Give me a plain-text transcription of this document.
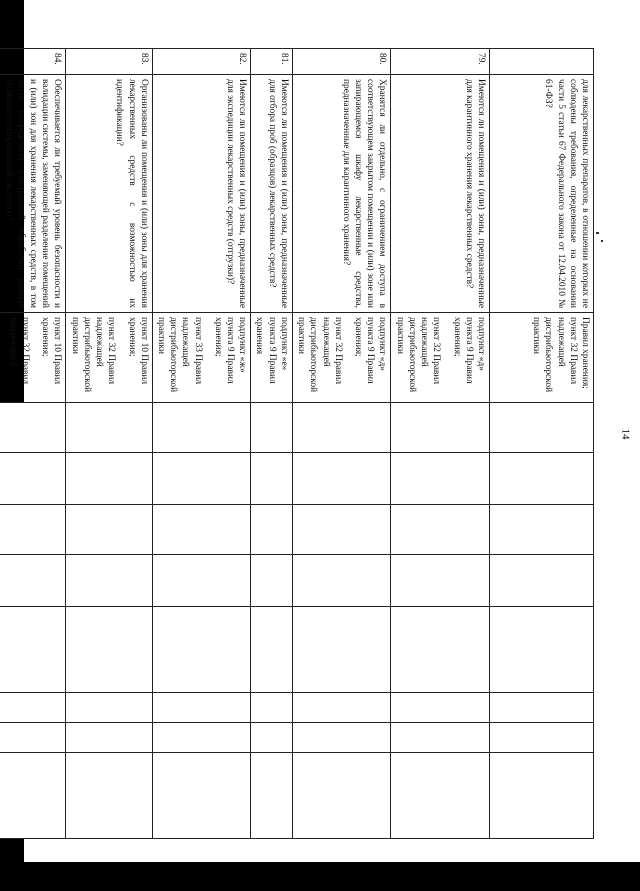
14
	для лекарственных препаратов, в отношении которых не соблюдены требования, определенные на основании части 5 статьи 67 Федерального закона от 12.04.2010 № 61-ФЗ?	Правил хранения;
пункт 32 Правил надлежащей дистрибьюторской практики								

79.	Имеются ли помещения и (или) зоны, предназначенные для карантинного хранения лекарственных средств?	подпункт «д» пункта 9 Правил хранения;
пункт 32 Правил надлежащей дистрибьюторской практики								

80.	Хранятся ли отдельно, с ограничением доступа в соответствующем закрытом помещении и (или) зоне или запирающемся шкафу лекарственные средства, предназначенные для карантинного хранения?	подпункт «д» пункта 9 Правил хранения;
пункт 32 Правил надлежащей дистрибьюторской практики								

81.	Имеются ли помещения и (или) зоны, предназначенные для отбора проб (образцов) лекарственных средств?	подпункт «е» пункта 9 Правил хранения								

82.	Имеются ли помещения и (или) зоны, предназначенные для экспедиции лекарственных средств (отгрузки)?	подпункт «ж» пункта 9 Правил хранения;
пункт 33 Правил надлежащей дистрибьюторской практики								

83.	Организованы ли помещения и (или) зоны для хранения лекарственных средств с возможностью их идентификации?	пункт 10 Правил хранения;
пункт 32 Правил надлежащей дистрибьюторской практики								

84.	Обеспечивается ли требуемый уровень безопасности и валидации системы, заменяющей разделение помещений и (или) зон для хранения лекарственных средств, в том числе посредством электронной обработки данных (компьютеризированной системы)?	пункт 10 Правил хранения;
пункт 32 Правил надлежащей								
